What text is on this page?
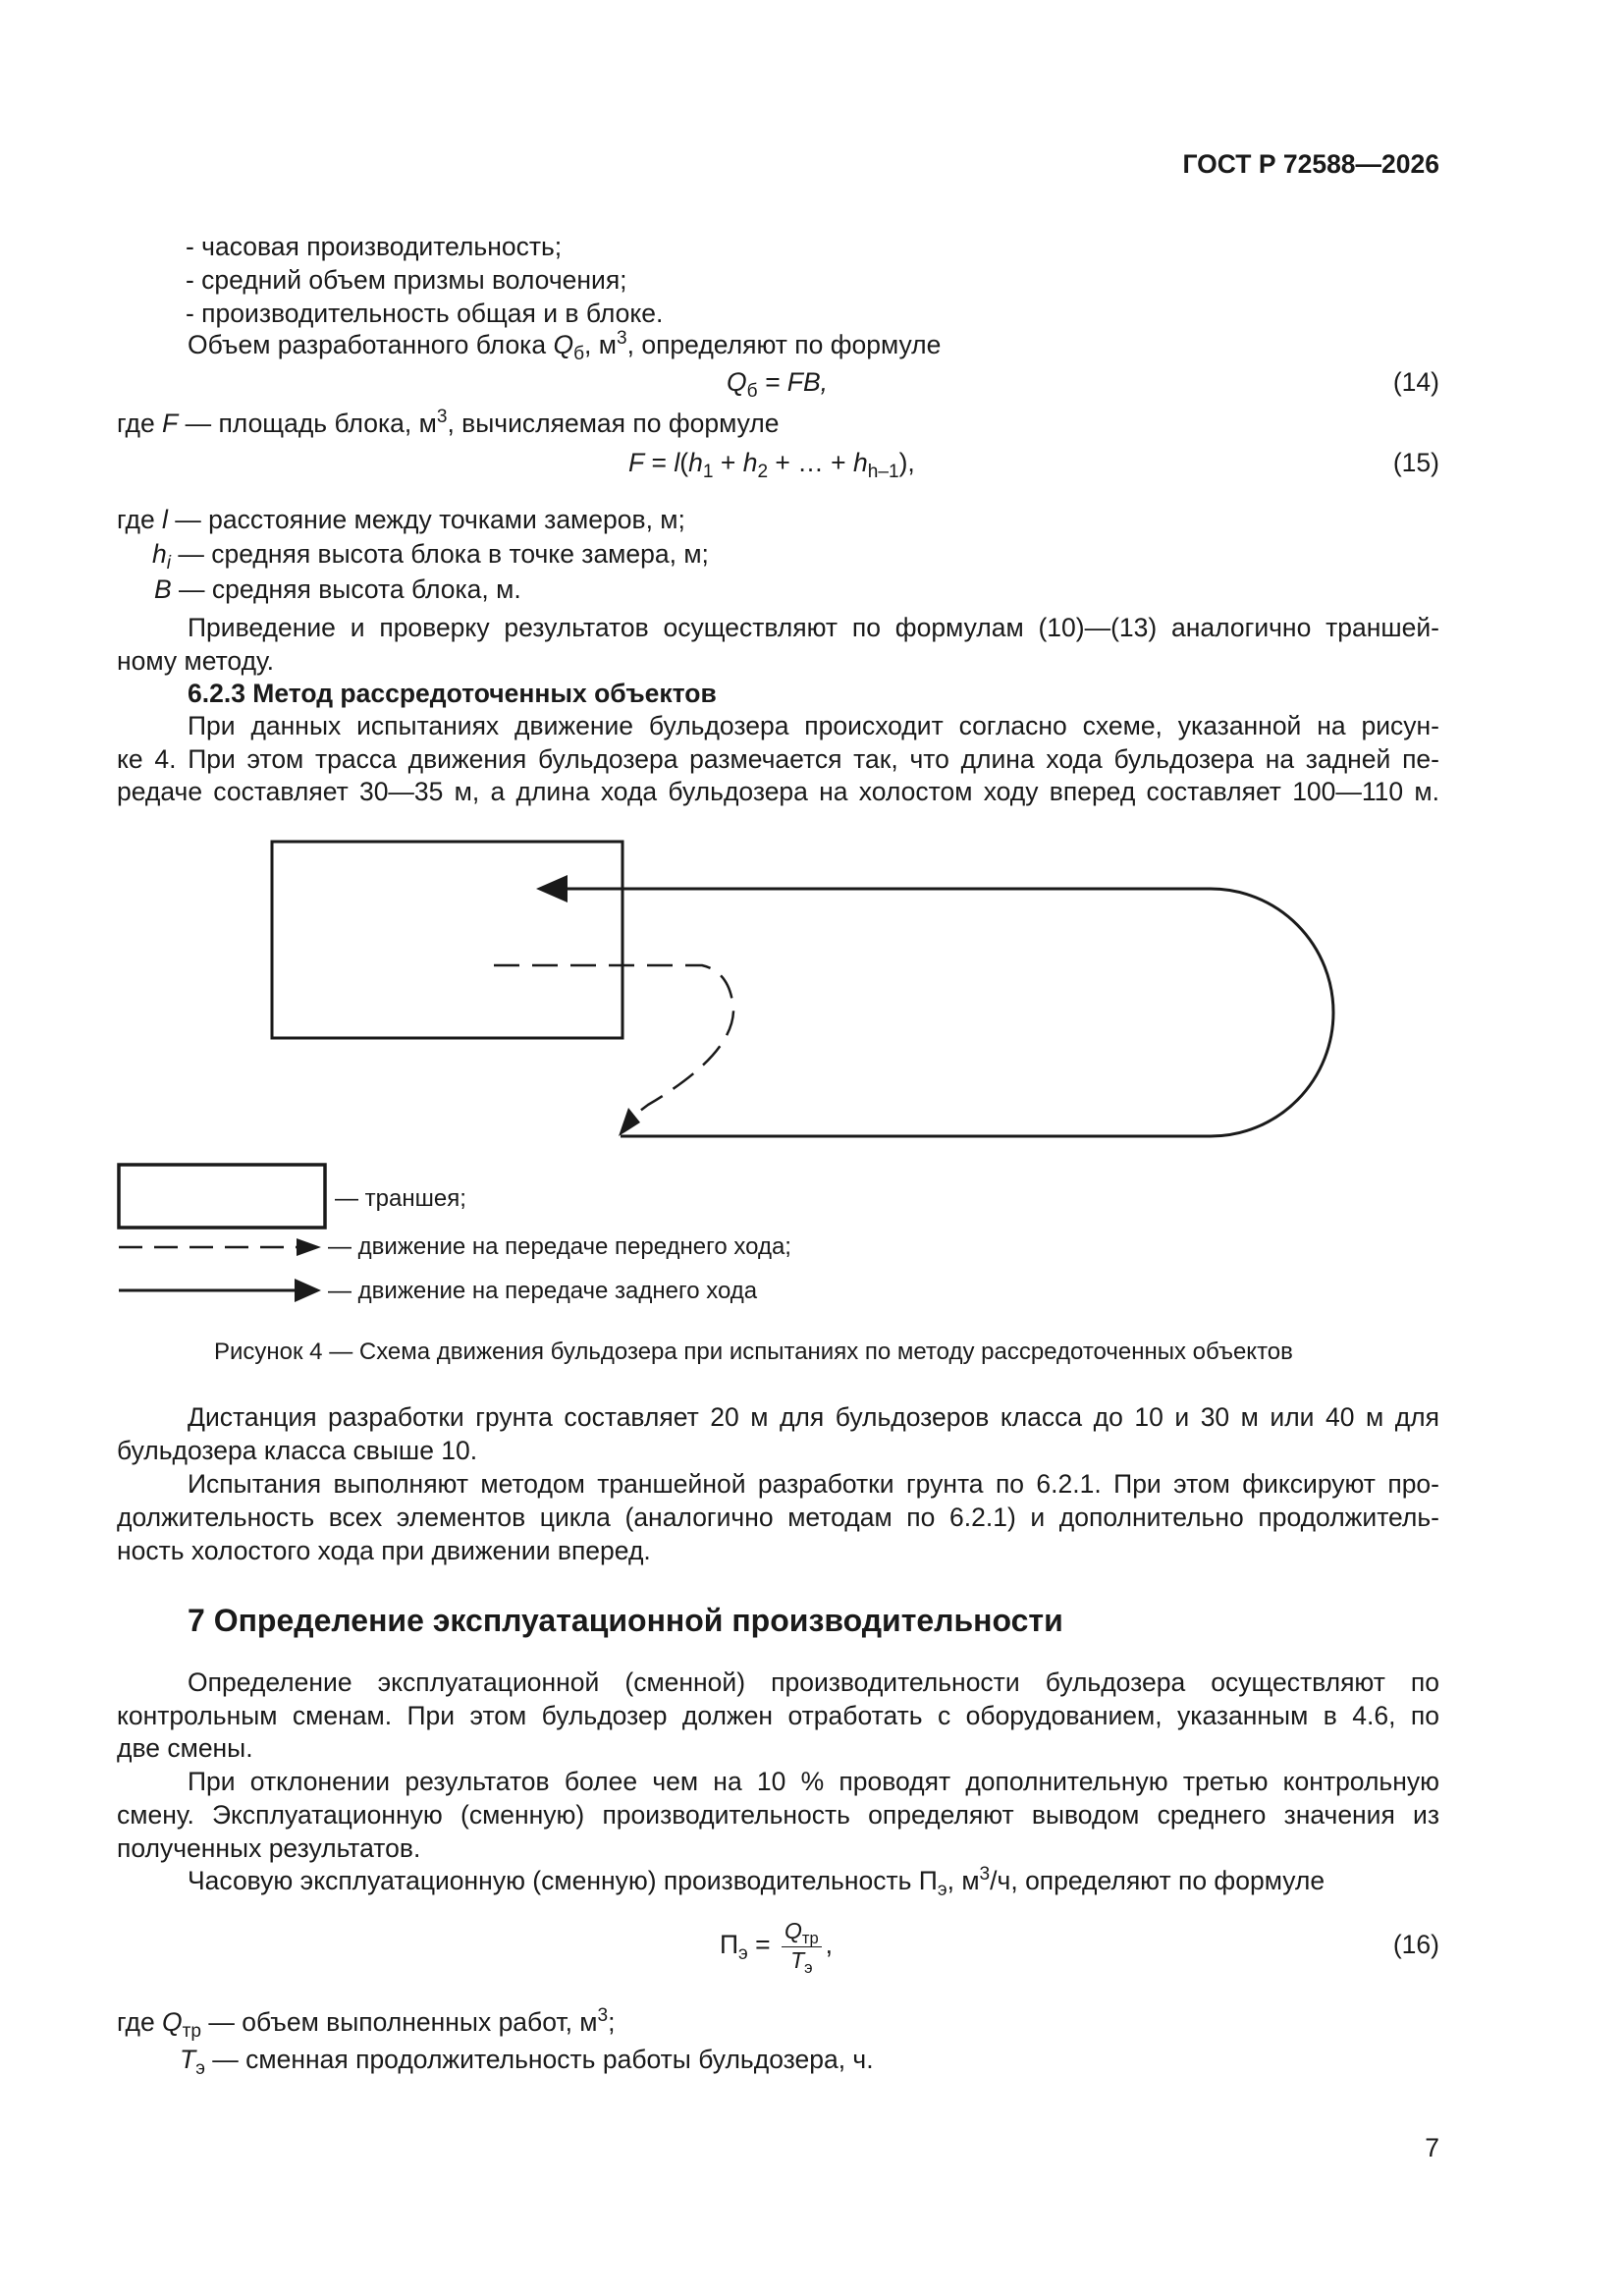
ГОСТ Р 72588—2026
- часовая производительность;
- средний объем призмы волочения;
- производительность общая и в блоке.
Объем разработанного блока $Q_б$, $м^3$, определяют по формуле
$Q_б$ = FB,	(14)
где F — площадь блока, $м^3$, вычисляемая по формуле
$F = l(h_1 + h_2$ + … + $h_{h-1}$),	(15)
где l — расстояние между точками замеров, м;
$h_i$ — средняя высота блока в точке замера, м;
B — средняя высота блока, м.
Приведение и проверку результатов осуществляют по формулам (10)—(13) аналогично траншей-
ному методу.
6.2.3 Метод рассредоточенных объектов
При данных испытаниях движение бульдозера происходит согласно схеме, указанной на рисун-
ке 4. При этом трасса движения бульдозера размечается так, что длина хода бульдозера на задней пе-
редаче составляет 30—35 м, а длина хода бульдозера на холостом ходу вперед составляет 100—110 м.
— траншея;
— движение на передаче переднего хода;
— движение на передаче заднего хода
Рисунок 4 — Схема движения бульдозера при испытаниях по методу рассредоточенных объектов
Дистанция разработки грунта составляет 20 м для бульдозеров класса до 10 и 30 м или 40 м для
бульдозера класса свыше 10.
Испытания выполняют методом траншейной разработки грунта по 6.2.1. При этом фиксируют про-
должительность всех элементов цикла (аналогично методам по 6.2.1) и дополнительно продолжитель-
ность холостого хода при движении вперед.
7 Определение эксплуатационной производительности
Определение эксплуатационной (сменной) производительности бульдозера осуществляют по
контрольным сменам. При этом бульдозер должен отработать с оборудованием, указанным в 4.6, по
две смены.
При отклонении результатов более чем на 10 % проводят дополнительную третью контрольную
смену. Эксплуатационную (сменную) производительность определяют выводом среднего значения из
полученных результатов.
Часовую эксплуатационную (сменную) производительность $П_э$, $м^3/ч$, определяют по формуле
$П_э = \frac{Q_{тр}}{T_э}$ ,	(16)
где $Q_{тр}$ — объем выполненных работ, $м^3$;
$T_э$ — сменная продолжительность работы бульдозера, ч.
7
